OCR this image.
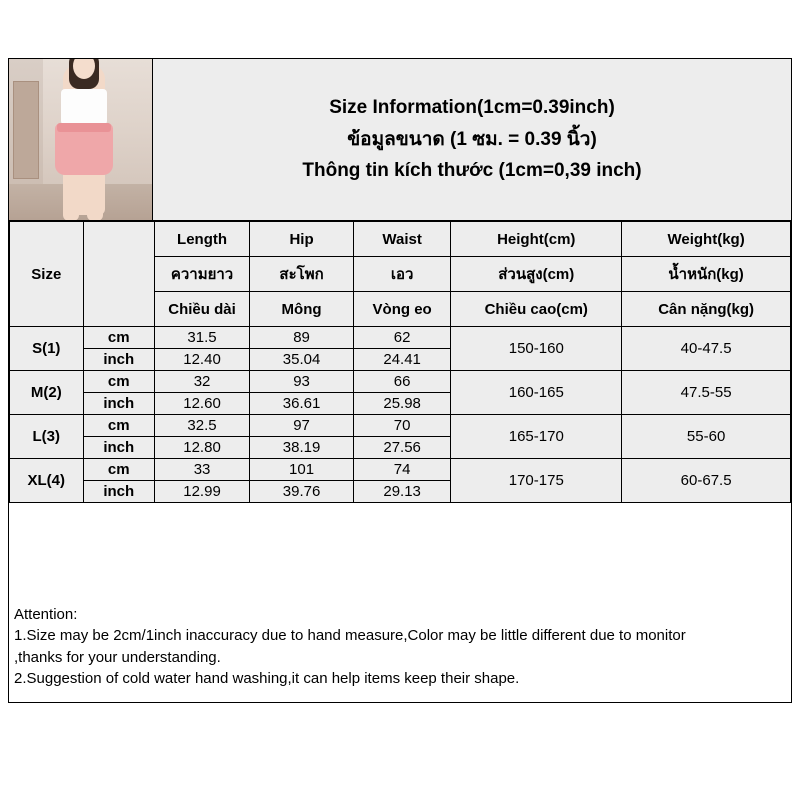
Size Information(1cm=0.39inch)
ข้อมูลขนาด (1 ซม. = 0.39 นิ้ว)
Thông tin kích thước (1cm=0,39 inch)
Size		Length	Hip	Waist	Height(cm)	Weight(kg)
		ความยาว	สะโพก	เอว	ส่วนสูง(cm)	น้ำหนัก(kg)
		Chiều dài	Mông	Vòng eo	Chiều cao(cm)	Cân nặng(kg)
S(1)	cm	31.5	89	62	150-160	40-47.5
	inch	12.40	35.04	24.41		
M(2)	cm	32	93	66	160-165	47.5-55
	inch	12.60	36.61	25.98		
L(3)	cm	32.5	97	70	165-170	55-60
	inch	12.80	38.19	27.56		
XL(4)	cm	33	101	74	170-175	60-67.5
	inch	12.99	39.76	29.13		
Attention:
1.Size may be 2cm/1inch inaccuracy due to hand measure,Color may be little different due to monitor
,thanks for your understanding.
2.Suggestion of cold water hand washing,it can help items keep their shape.
